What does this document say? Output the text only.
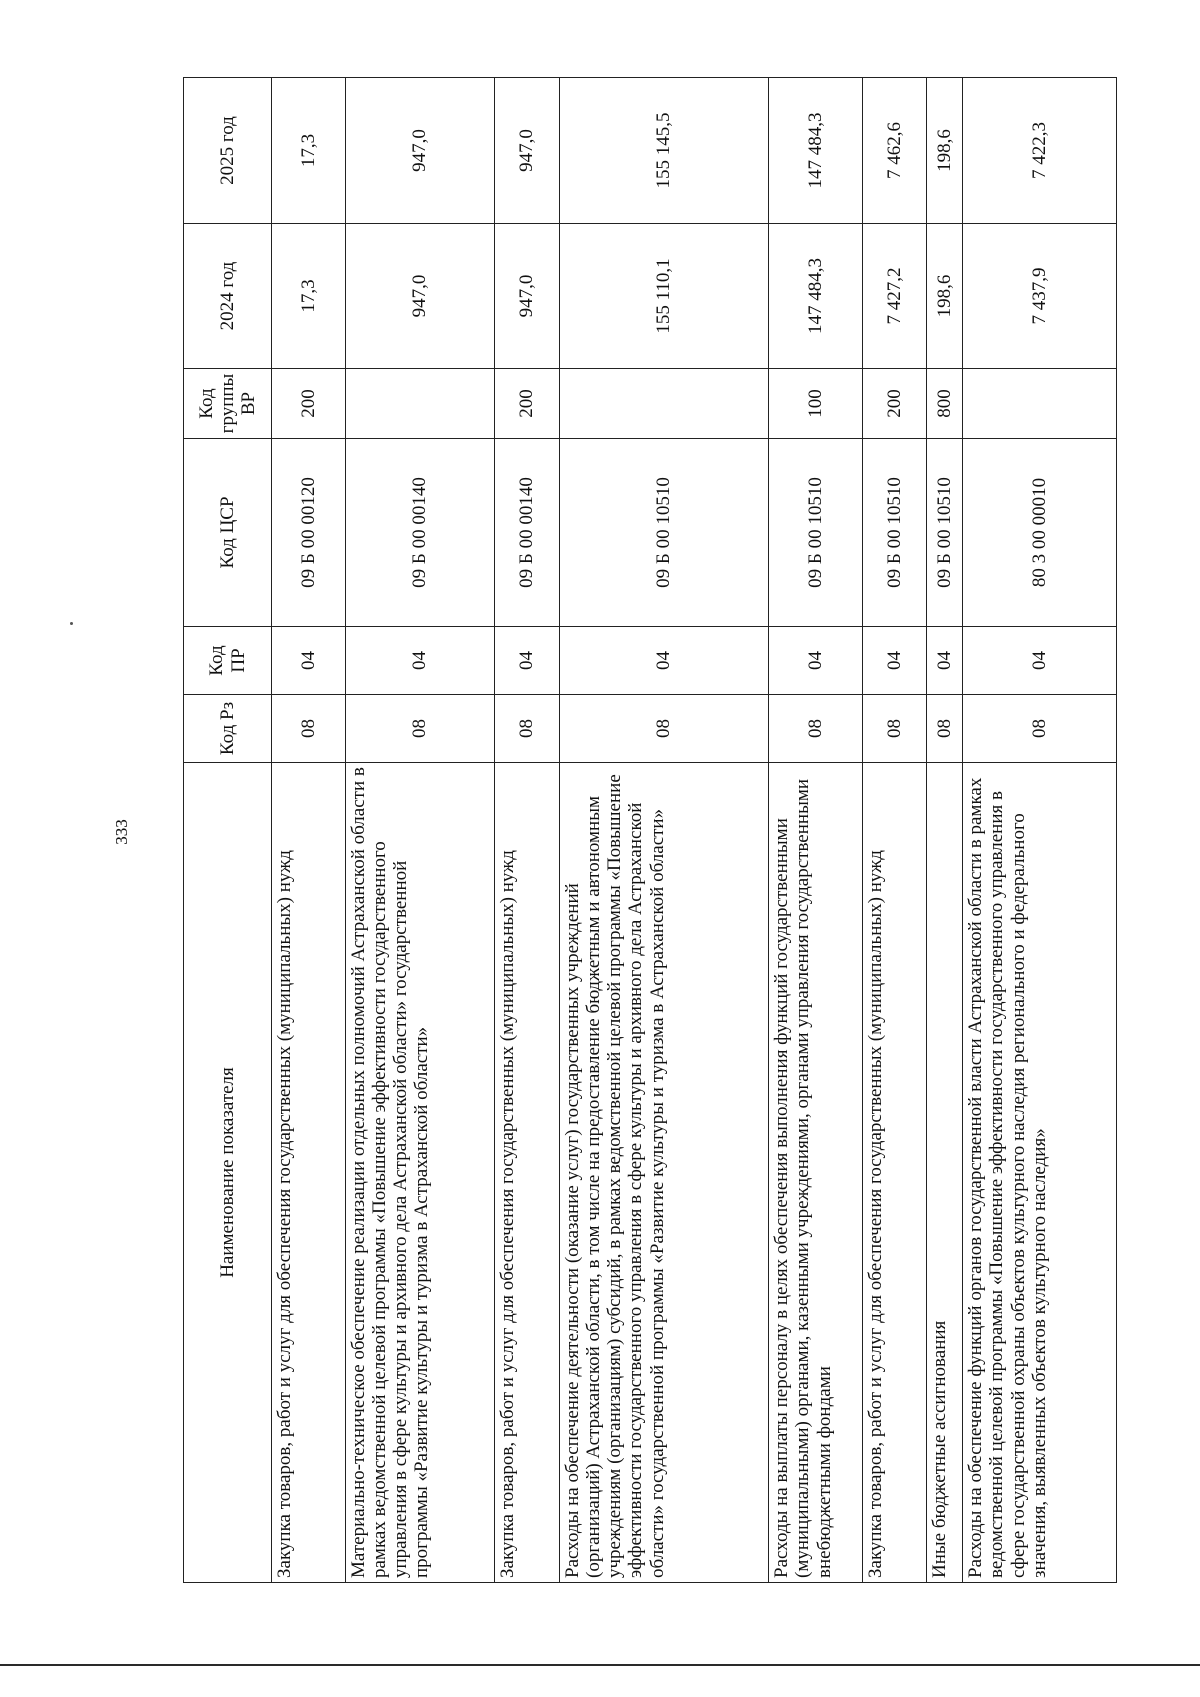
333
Наименование показателя	Код Рз	Код ПР	Код ЦСР	Код группы ВР	2024 год	2025 год
Закупка товаров, работ и услуг для обеспечения государственных (муниципальных) нужд	08	04	09 Б 00 00120	200	17,3	17,3
Материально-техническое обеспечение реализации отдельных полномочий Астраханской области в рамках ведомственной целевой программы «Повышение эффективности государственного управления в сфере культуры и архивного дела Астраханской области» государственной программы «Развитие культуры и туризма в Астраханской области»	08	04	09 Б 00 00140		947,0	947,0
Закупка товаров, работ и услуг для обеспечения государственных (муниципальных) нужд	08	04	09 Б 00 00140	200	947,0	947,0
Расходы на обеспечение деятельности (оказание услуг) государственных учреждений (организаций) Астраханской области, в том числе на предоставление бюджетным и автономным учреждениям (организациям) субсидий, в рамках ведомственной целевой программы «Повышение эффективности государственного управления в сфере культуры и архивного дела Астраханской области» государственной программы «Развитие культуры и туризма в Астраханской области»	08	04	09 Б 00 10510		155 110,1	155 145,5
Расходы на выплаты персоналу в целях обеспечения выполнения функций государственными (муниципальными) органами, казенными учреждениями, органами управления государственными внебюджетными фондами	08	04	09 Б 00 10510	100	147 484,3	147 484,3
Закупка товаров, работ и услуг для обеспечения государственных (муниципальных) нужд	08	04	09 Б 00 10510	200	7 427,2	7 462,6
Иные бюджетные ассигнования	08	04	09 Б 00 10510	800	198,6	198,6
Расходы на обеспечение функций органов государственной власти Астраханской области в рамках ведомственной целевой программы «Повышение эффективности государственного управления в сфере государственной охраны объектов культурного наследия регионального и федерального значения, выявленных объектов культурного наследия»	08	04	80 3 00 00010		7 437,9	7 422,3
